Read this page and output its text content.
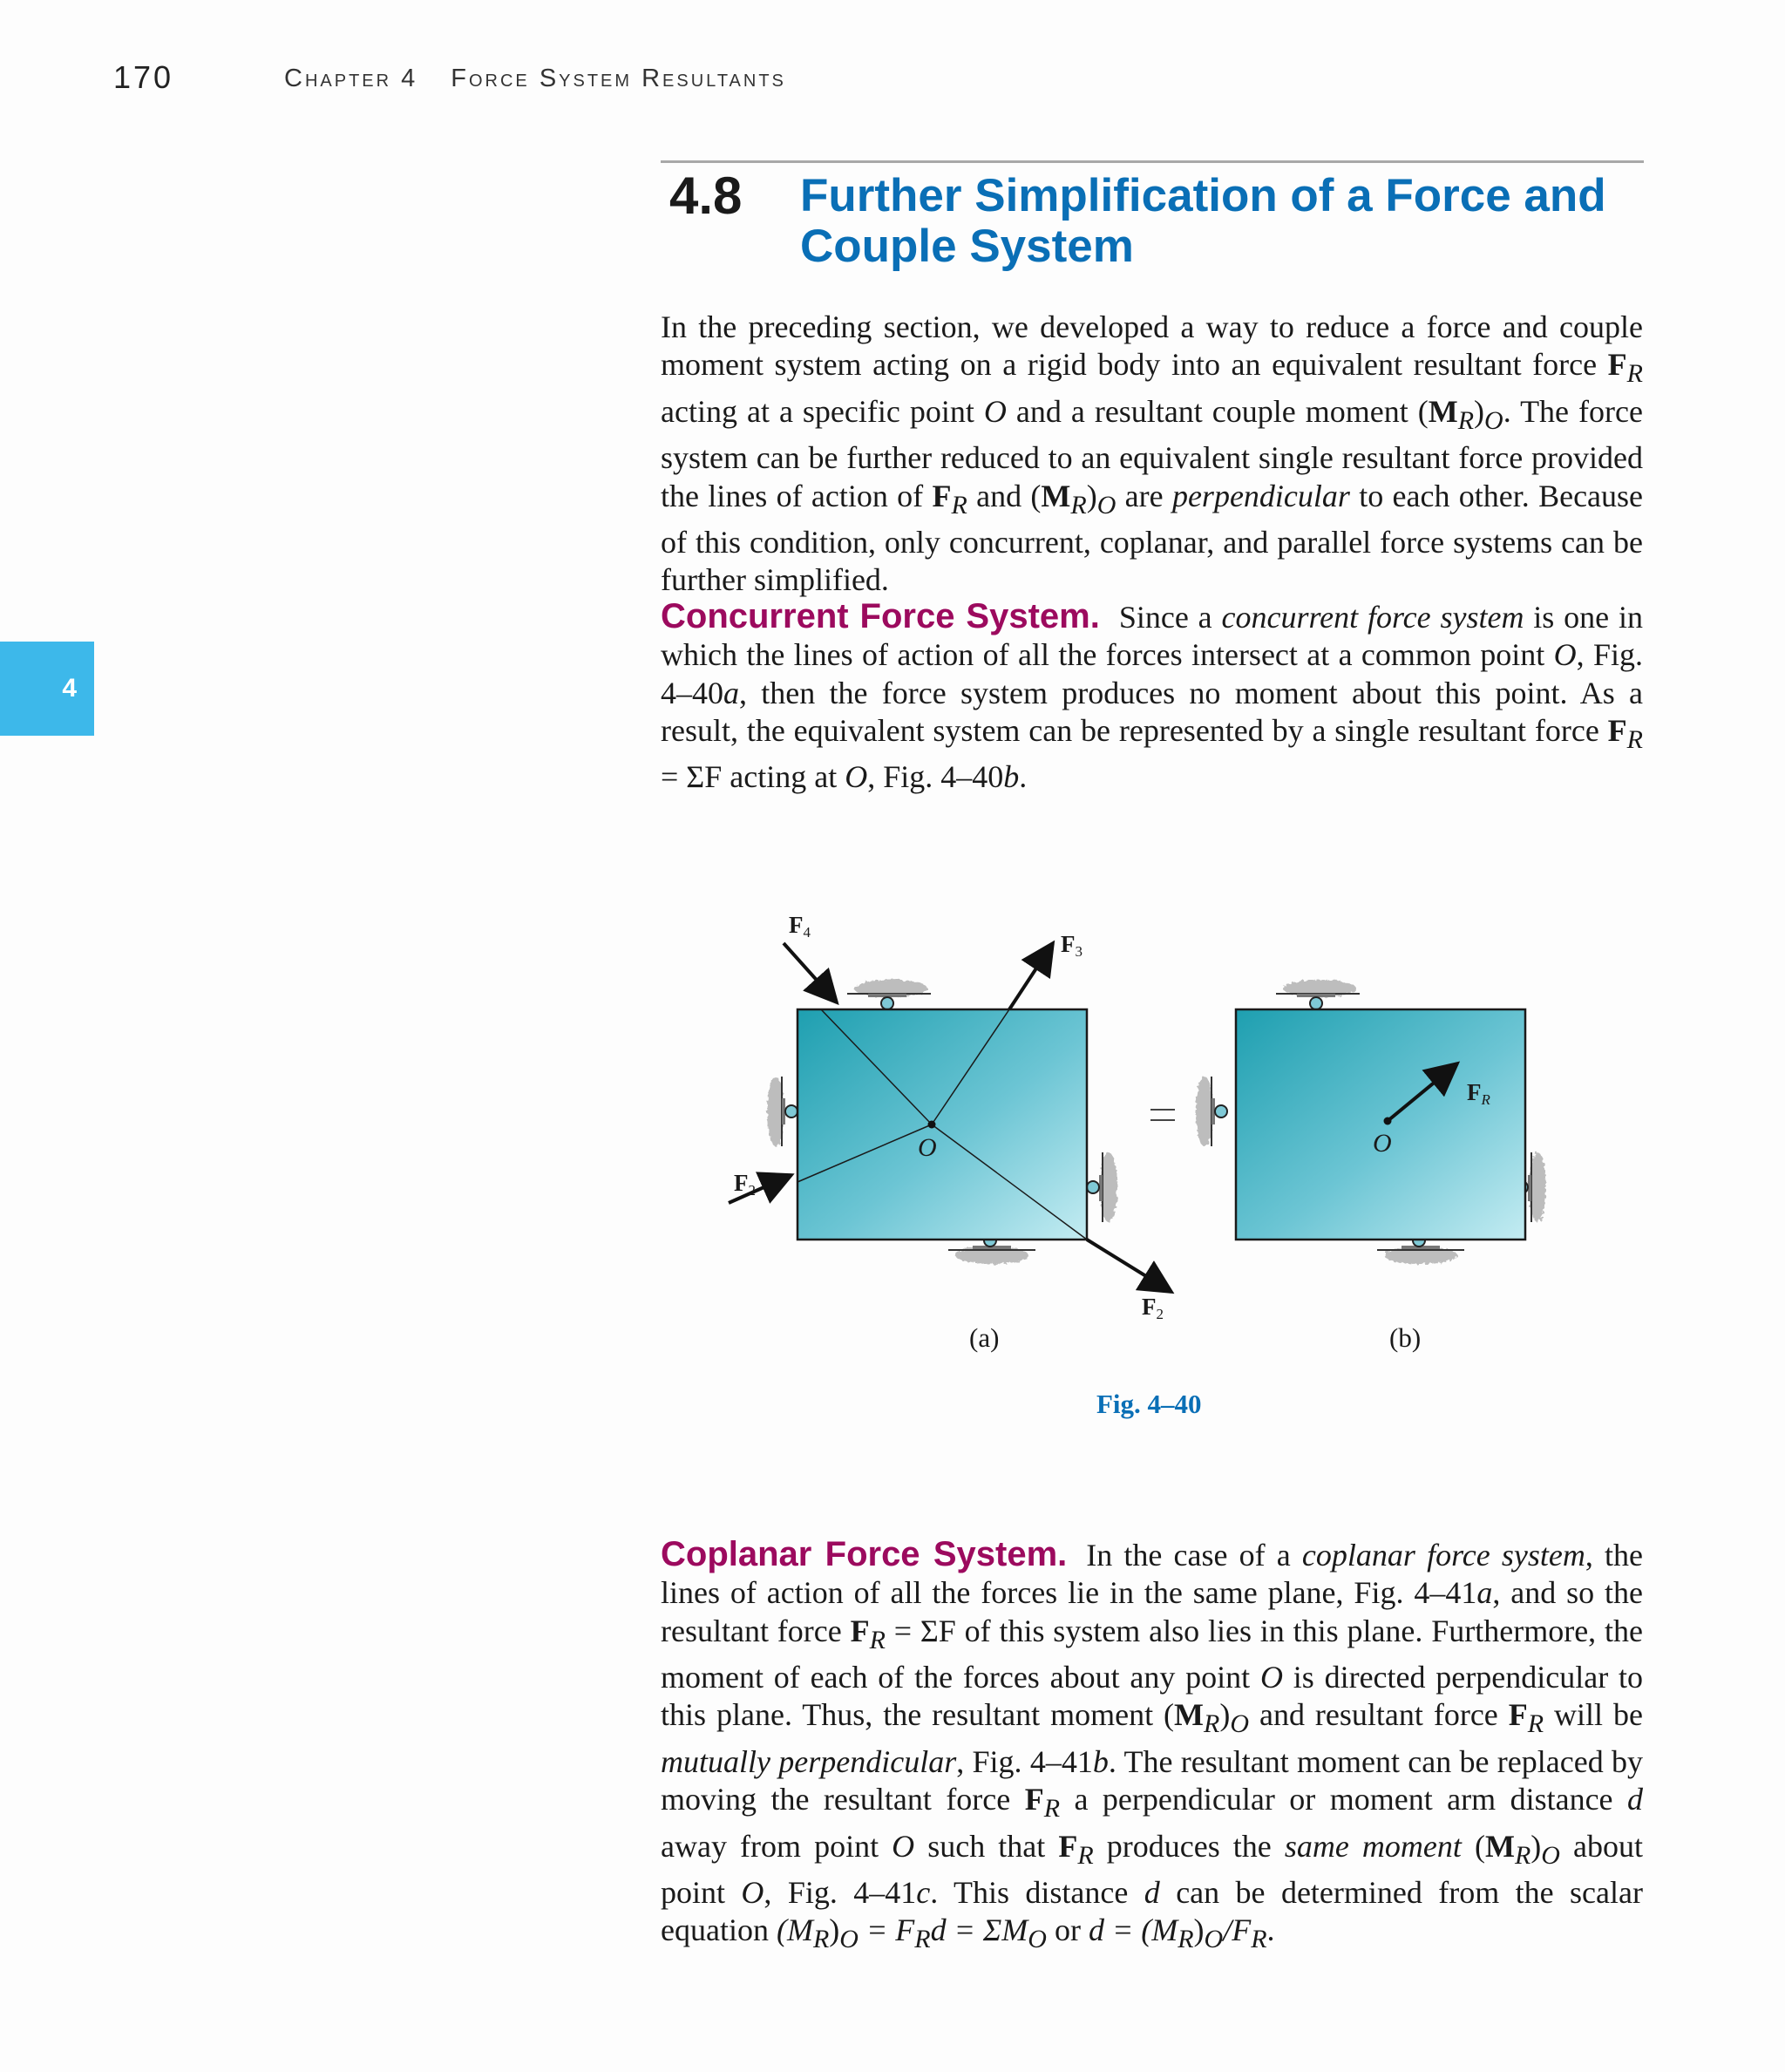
170	Chapter 4 Force System Resultants
4
4.8 Further Simplification of a Force and Couple System
In the preceding section, we developed a way to reduce a force and couple moment system acting on a rigid body into an equivalent resultant force $F_R$ acting at a specific point O and a resultant couple moment $(M_R)_O$. The force system can be further reduced to an equivalent single resultant force provided the lines of action of $F_R$ and $(M_R)_O$ are perpendicular to each other. Because of this condition, only concurrent, coplanar, and parallel force systems can be further simplified.
Concurrent Force System. Since a concurrent force system is one in which the lines of action of all the forces intersect at a common point O, Fig. 4–40a, then the force system produces no moment about this point. As a result, the equivalent system can be represented by a single resultant force $F_R = \Sigma F$ acting at O, Fig. 4–40b.
$F_4$	$F_3$
$F_2$
$F_2$
$F_R$
O	O
(a)	(b)
Fig. 4–40
Coplanar Force System. In the case of a coplanar force system, the lines of action of all the forces lie in the same plane, Fig. 4–41a, and so the resultant force $F_R = \Sigma F$ of this system also lies in this plane. Furthermore, the moment of each of the forces about any point O is directed perpendicular to this plane. Thus, the resultant moment $(M_R)_O$ and resultant force $F_R$ will be mutually perpendicular, Fig. 4–41b. The resultant moment can be replaced by moving the resultant force $F_R$ a perpendicular or moment arm distance d away from point O such that $F_R$ produces the same moment $(M_R)_O$ about point O, Fig. 4–41c. This distance d can be determined from the scalar equation $(M_R)_O = F_Rd = \Sigma M_O$ or $d = (M_R)_O/F_R$.
